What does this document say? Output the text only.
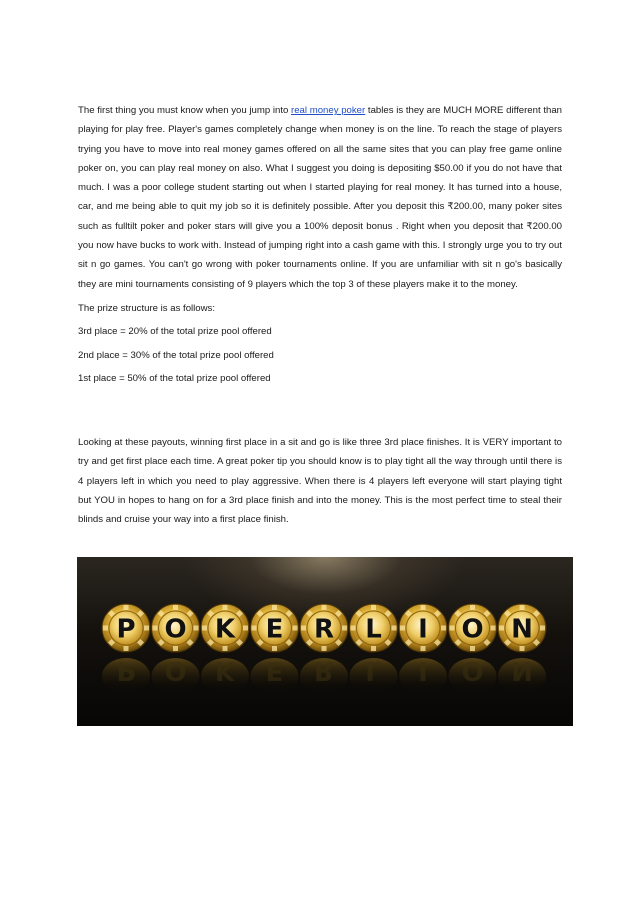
The first thing you must know when you jump into real money poker tables is they are MUCH MORE different than playing for play free. Player's games completely change when money is on the line. To reach the stage of players trying you have to move into real money games offered on all the same sites that you can play free game online poker on, you can play real money on also. What I suggest you doing is depositing $50.00 if you do not have that much. I was a poor college student starting out when I started playing for real money. It has turned into a house, car, and me being able to quit my job so it is definitely possible. After you deposit this ₹200.00, many poker sites such as fulltilt poker and poker stars will give you a 100% deposit bonus . Right when you deposit that ₹200.00 you now have bucks to work with. Instead of jumping right into a cash game with this. I strongly urge you to try out sit n go games. You can't go wrong with poker tournaments online. If you are unfamiliar with sit n go's basically they are mini tournaments consisting of 9 players which the top 3 of these players make it to the money.

The prize structure is as follows:

3rd place = 20% of the total prize pool offered

2nd place = 30% of the total prize pool offered

1st place = 50% of the total prize pool offered

Looking at these payouts, winning first place in a sit and go is like three 3rd place finishes. It is VERY important to try and get first place each time. A great poker tip you should know is to play tight all the way through until there is 4 players left in which you need to play aggressive. When there is 4 players left everyone will start playing tight but YOU in hopes to hang on for a 3rd place finish and into the money. This is the most perfect time to steal their blinds and cruise your way into a first place finish.

P
P
O
O
K
K
E
E
R
R
L
L
I
I
O
O
N
N
